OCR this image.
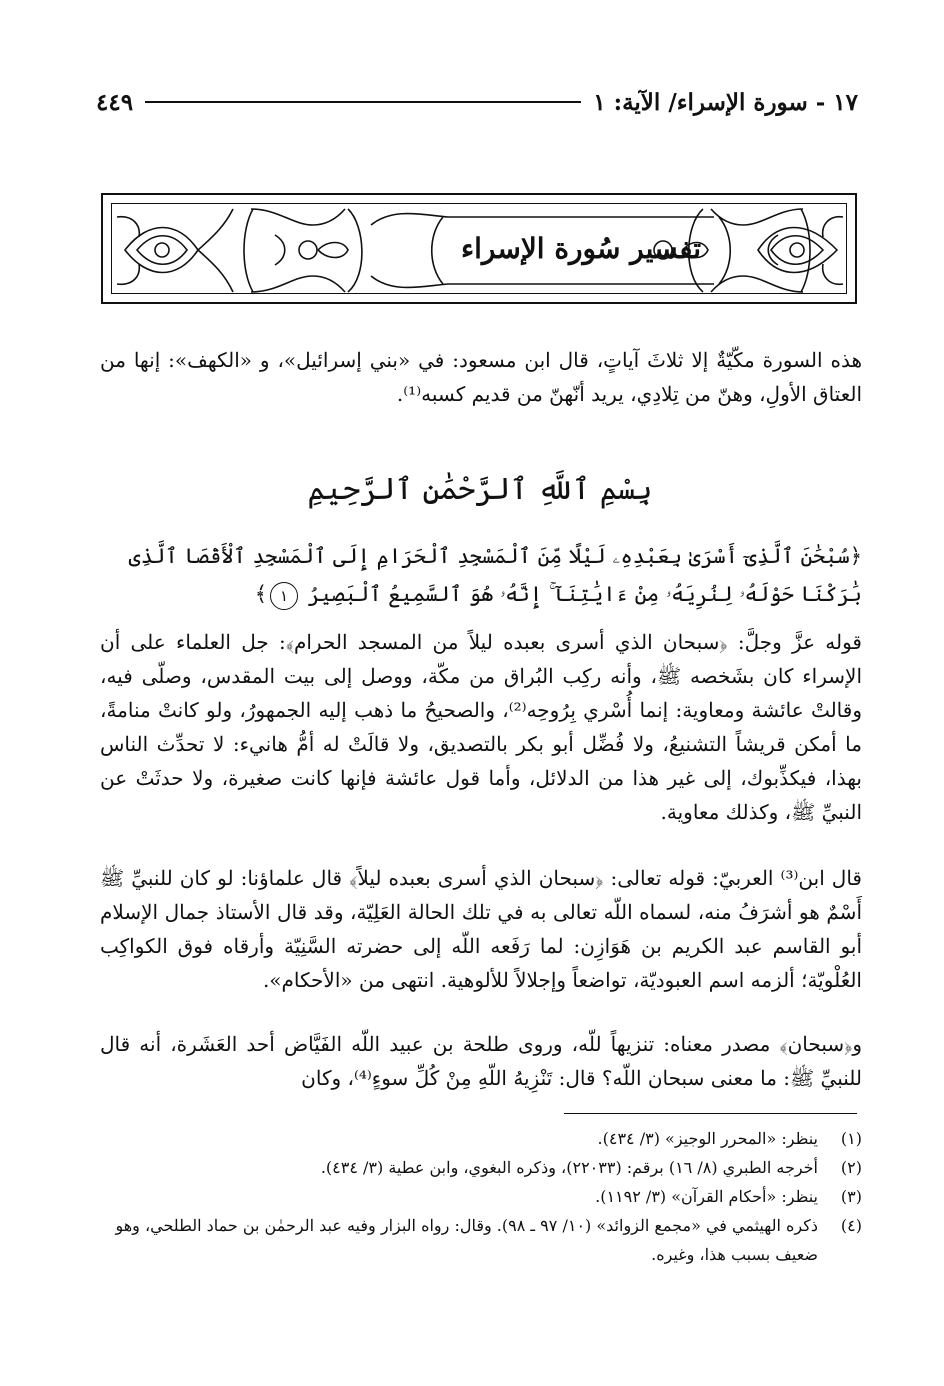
١٧ - سورة الإسراء/ الآية: ١
٤٤٩
تفسير سُورة الإسراء

هذه السورة مكّيّةٌ إلا ثلاثَ آياتٍ، قال ابن مسعود: في «بني إسرائيل»، و «الكهف»: إنها من العتاق الأولِ، وهنّ من تِلادِي، يريد أنّهنّ من قديم كسبه⁽¹⁾.

بِسْمِ ٱللَّهِ ٱلرَّحْمَٰنِ ٱلرَّحِيمِ

﴿سُبْحَٰنَ ٱلَّذِىٓ أَسْرَىٰ بِعَبْدِهِۦ لَيْلًا مِّنَ ٱلْمَسْجِدِ ٱلْحَرَامِ إِلَى ٱلْمَسْجِدِ ٱلْأَقْصَا ٱلَّذِى بَٰرَكْنَا حَوْلَهُۥ لِنُرِيَهُۥ مِنْ ءَايَٰتِنَآ ۚ إِنَّهُۥ هُوَ ٱلسَّمِيعُ ٱلْبَصِيرُ ١﴾

قوله عزَّ وجلَّ: ﴿سبحان الذي أسرى بعبده ليلاً من المسجد الحرام﴾: جل العلماء على أن الإسراء كان بشَخصه ﷺ، وأنه ركِب البُراق من مكّة، ووصل إلى بيت المقدس، وصلّى فيه، وقالتْ عائشة ومعاوية: إنما أُسْري بِرُوحِه⁽²⁾، والصحيحُ ما ذهب إليه الجمهورُ، ولو كانتْ منامةً، ما أمكن قريشاً التشنيعُ، ولا فُضِّل أبو بكر بالتصديق، ولا قالَتْ له أمُّ هانيء: لا تحدِّث الناس بهذا، فيكذِّبوك، إلى غير هذا من الدلائل، وأما قول عائشة فإنها كانت صغيرة، ولا حدثَتْ عن النبيِّ ﷺ، وكذلك معاوية.

قال ابن⁽³⁾ العربيّ: قوله تعالى: ﴿سبحان الذي أسرى بعبده ليلاً﴾ قال علماؤنا: لو كان للنبيِّ ﷺ أَسْمٌ هو أشرَفُ منه، لسماه اللّه تعالى به في تلك الحالة العَلِيّة، وقد قال الأستاذ جمال الإسلام أبو القاسم عبد الكريم بن هَوَازِن: لما رَفَعه اللّه إلى حضرته السَّنِيّة وأرقاه فوق الكواكِب العُلْويّة؛ ألزمه اسم العبوديّة، تواضعاً وإجلالاً للألوهية. انتهى من «الأحكام».

و﴿سبحان﴾ مصدر معناه: تنزيهاً للّه، وروى طلحة بن عبيد اللّه الفَيَّاض أحد العَشَرة، أنه قال للنبيِّ ﷺ: ما معنى سبحان اللّه؟ قال: تَنْزِيهُ اللّهِ مِنْ كُلِّ سوءٍ⁽⁴⁾، وكان

(١)
ينظر: «المحرر الوجيز» (٣/ ٤٣٤).
(٢)
أخرجه الطبري (٨/ ١٦) برقم: (٢٢٠٣٣)، وذكره البغوي، وابن عطية (٣/ ٤٣٤).
(٣)
ينظر: «أحكام القرآن» (٣/ ١١٩٢).
(٤)
ذكره الهيثمي في «مجمع الزوائد» (١٠/ ٩٧ ـ ٩٨). وقال: رواه البزار وفيه عبد الرحمٰن بن حماد الطلحي، وهو ضعيف بسبب هذا، وغيره.
